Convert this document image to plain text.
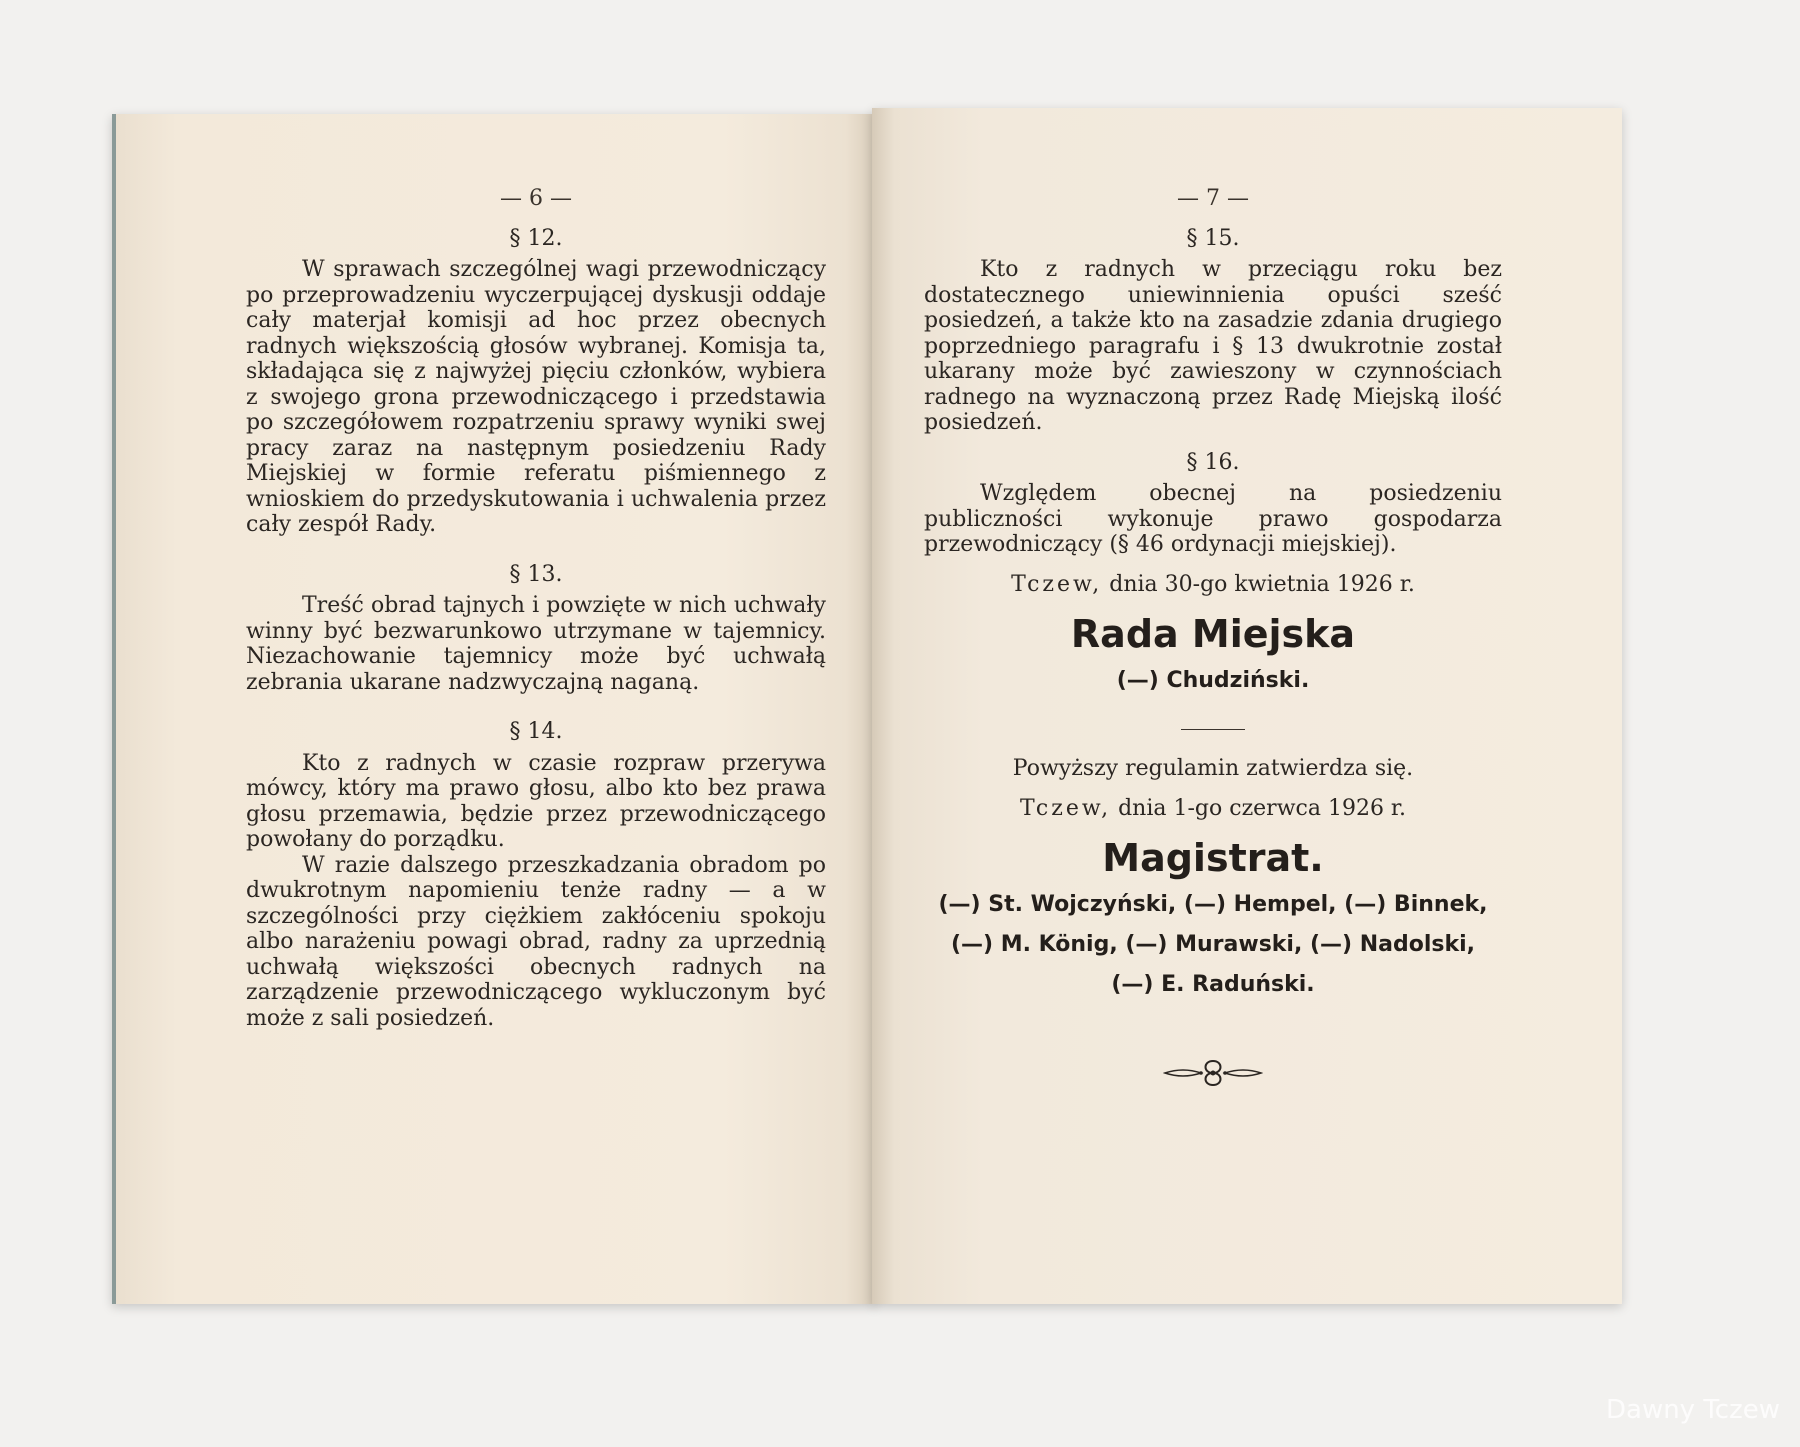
— 6 —
§ 12.

W sprawach szczególnej wagi przewodniczący po przeprowadzeniu wyczerpującej dyskusji oddaje cały materjał komisji ad hoc przez obecnych radnych większością głosów wybranej. Komisja ta, składająca się z najwyżej pięciu członków, wybiera z swojego grona przewodniczącego i przedstawia po szczegółowem rozpatrzeniu sprawy wyniki swej pracy zaraz na następnym posiedzeniu Rady Miejskiej w formie referatu piśmiennego z wnioskiem do przedyskutowania i uchwalenia przez cały zespół Rady.

§ 13.

Treść obrad tajnych i powzięte w nich uchwały winny być bezwarunkowo utrzymane w tajemnicy. Niezachowanie tajemnicy może być uchwałą zebrania ukarane nadzwyczajną naganą.

§ 14.

Kto z radnych w czasie rozpraw przerywa mówcy, który ma prawo głosu, albo kto bez prawa głosu przemawia, będzie przez przewodniczącego powołany do porządku.

W razie dalszego przeszkadzania obradom po dwukrotnym napomieniu tenże radny — a w szczególności przy ciężkiem zakłóceniu spokoju albo narażeniu powagi obrad, radny za uprzednią uchwałą większości obecnych radnych na zarządzenie przewodniczącego wykluczonym być może z sali posiedzeń.

— 7 —
§ 15.

Kto z radnych w przeciągu roku bez dostatecznego uniewinnienia opuści sześć posiedzeń, a także kto na zasadzie zdania drugiego poprzedniego paragrafu i § 13 dwukrotnie został ukarany może być zawieszony w czynnościach radnego na wyznaczoną przez Radę Miejską ilość posiedzeń.

§ 16.

Względem obecnej na posiedzeniu publiczności wykonuje prawo gospodarza przewodniczący (§ 46 ordynacji miejskiej).

Tczew, dnia 30-go kwietnia 1926 r.

Rada Miejska

(—) Chudziński.

Powyższy regulamin zatwierdza się.

Tczew, dnia 1-go czerwca 1926 r.

Magistrat.

(—) St. Wojczyński, (—) Hempel, (—) Binnek,

(—) M. König, (—) Murawski, (—) Nadolski,

(—) E. Raduński.

Dawny Tczew
